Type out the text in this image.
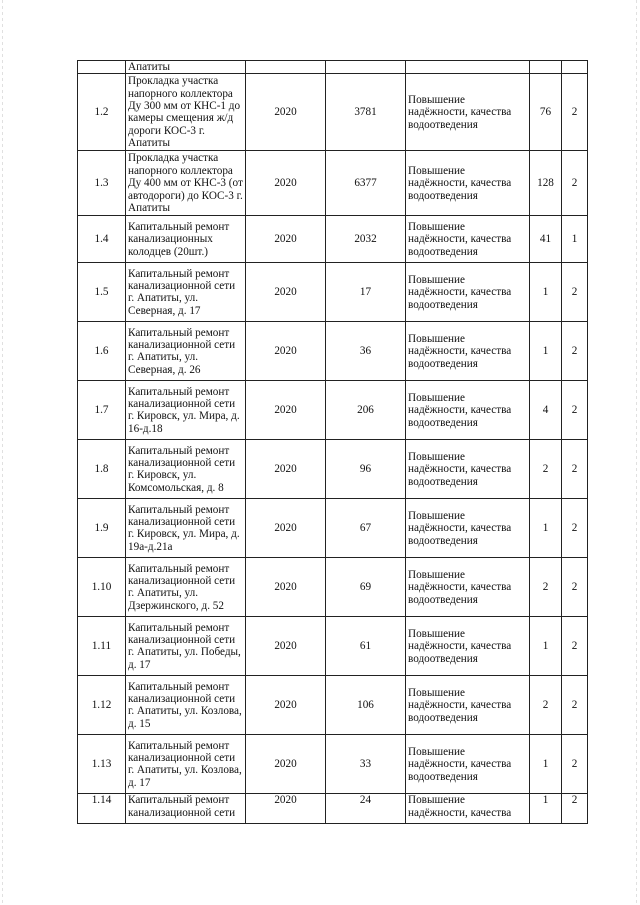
	Апатиты					
1.2	Прокладка участка напорного коллектора Ду 300 мм от КНС-1 до камеры смещения ж/д дороги КОС-3 г. Апатиты	2020	3781	Повышение надёжности, качества водоотведения	76	2
1.3	Прокладка участка напорного коллектора Ду 400 мм от КНС-3 (от автодороги) до КОС-3 г. Апатиты	2020	6377	Повышение надёжности, качества водоотведения	128	2
1.4	Капитальный ремонт канализационных колодцев (20шт.)	2020	2032	Повышение надёжности, качества водоотведения	41	1
1.5	Капитальный ремонт канализационной сети г. Апатиты, ул. Северная, д. 17	2020	17	Повышение надёжности, качества водоотведения	1	2
1.6	Капитальный ремонт канализационной сети г. Апатиты, ул. Северная, д. 26	2020	36	Повышение надёжности, качества водоотведения	1	2
1.7	Капитальный ремонт канализационной сети г. Кировск, ул. Мира, д. 16-д.18	2020	206	Повышение надёжности, качества водоотведения	4	2
1.8	Капитальный ремонт канализационной сети г. Кировск, ул. Комсомольская, д. 8	2020	96	Повышение надёжности, качества водоотведения	2	2
1.9	Капитальный ремонт канализационной сети г. Кировск, ул. Мира, д. 19а-д.21а	2020	67	Повышение надёжности, качества водоотведения	1	2
1.10	Капитальный ремонт канализационной сети г. Апатиты, ул. Дзержинского, д. 52	2020	69	Повышение надёжности, качества водоотведения	2	2
1.11	Капитальный ремонт канализационной сети г. Апатиты, ул. Победы, д. 17	2020	61	Повышение надёжности, качества водоотведения	1	2
1.12	Капитальный ремонт канализационной сети г. Апатиты, ул. Козлова, д. 15	2020	106	Повышение надёжности, качества водоотведения	2	2
1.13	Капитальный ремонт канализационной сети г. Апатиты, ул. Козлова, д. 17	2020	33	Повышение надёжности, качества водоотведения	1	2
1.14	Капитальный ремонт канализационной сети	2020	24	Повышение надёжности, качества	1	2
